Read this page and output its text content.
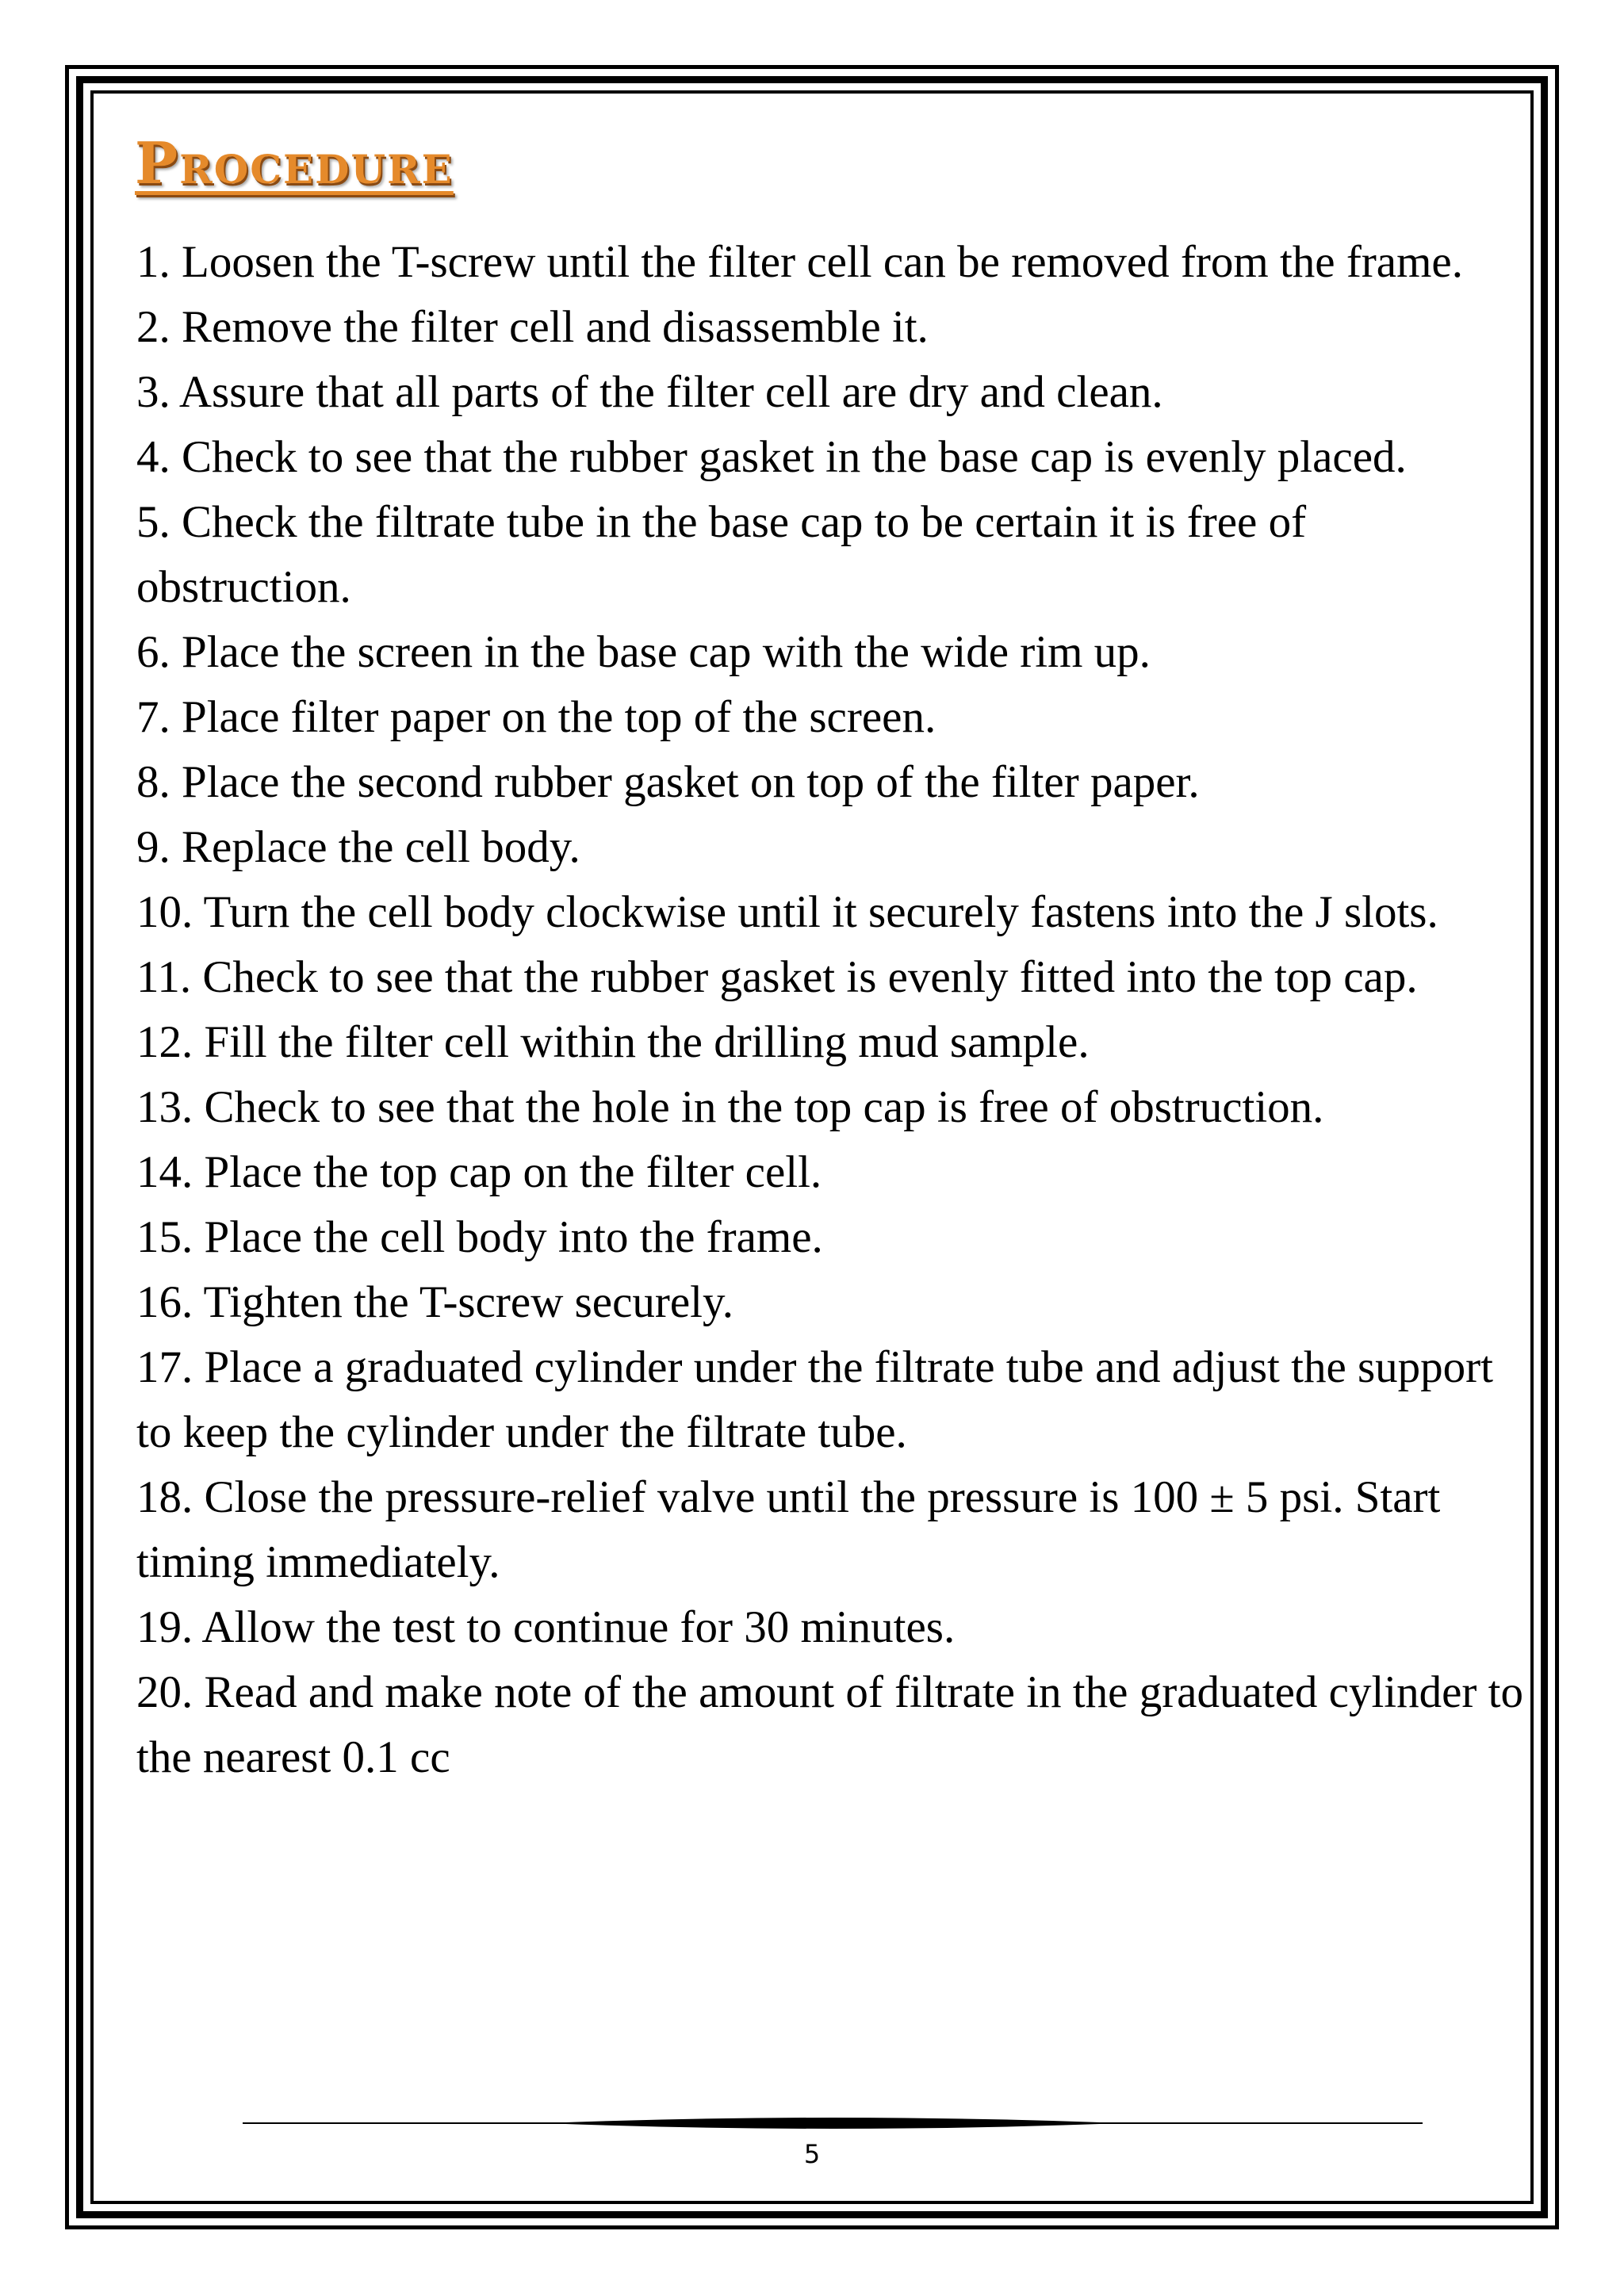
Procedure
1. Loosen the T-screw until the filter cell can be removed from the frame.
2. Remove the filter cell and disassemble it.
3. Assure that all parts of the filter cell are dry and clean.
4. Check to see that the rubber gasket in the base cap is evenly placed.
5. Check the filtrate tube in the base cap to be certain it is free of obstruction.
6. Place the screen in the base cap with the wide rim up.
7. Place filter paper on the top of the screen.
8. Place the second rubber gasket on top of the filter paper.
9. Replace the cell body.
10. Turn the cell body clockwise until it securely fastens into the J slots.
11. Check to see that the rubber gasket is evenly fitted into the top cap.
12. Fill the filter cell within the drilling mud sample.
13. Check to see that the hole in the top cap is free of obstruction.
14. Place the top cap on the filter cell.
15. Place the cell body into the frame.
16. Tighten the T-screw securely.
17. Place a graduated cylinder under the filtrate tube and adjust the support to keep the cylinder under the filtrate tube.
18. Close the pressure-relief valve until the pressure is 100 ± 5 psi. Start timing immediately.
19. Allow the test to continue for 30 minutes.
20. Read and make note of the amount of filtrate in the graduated cylinder to the nearest 0.1 cc
5
